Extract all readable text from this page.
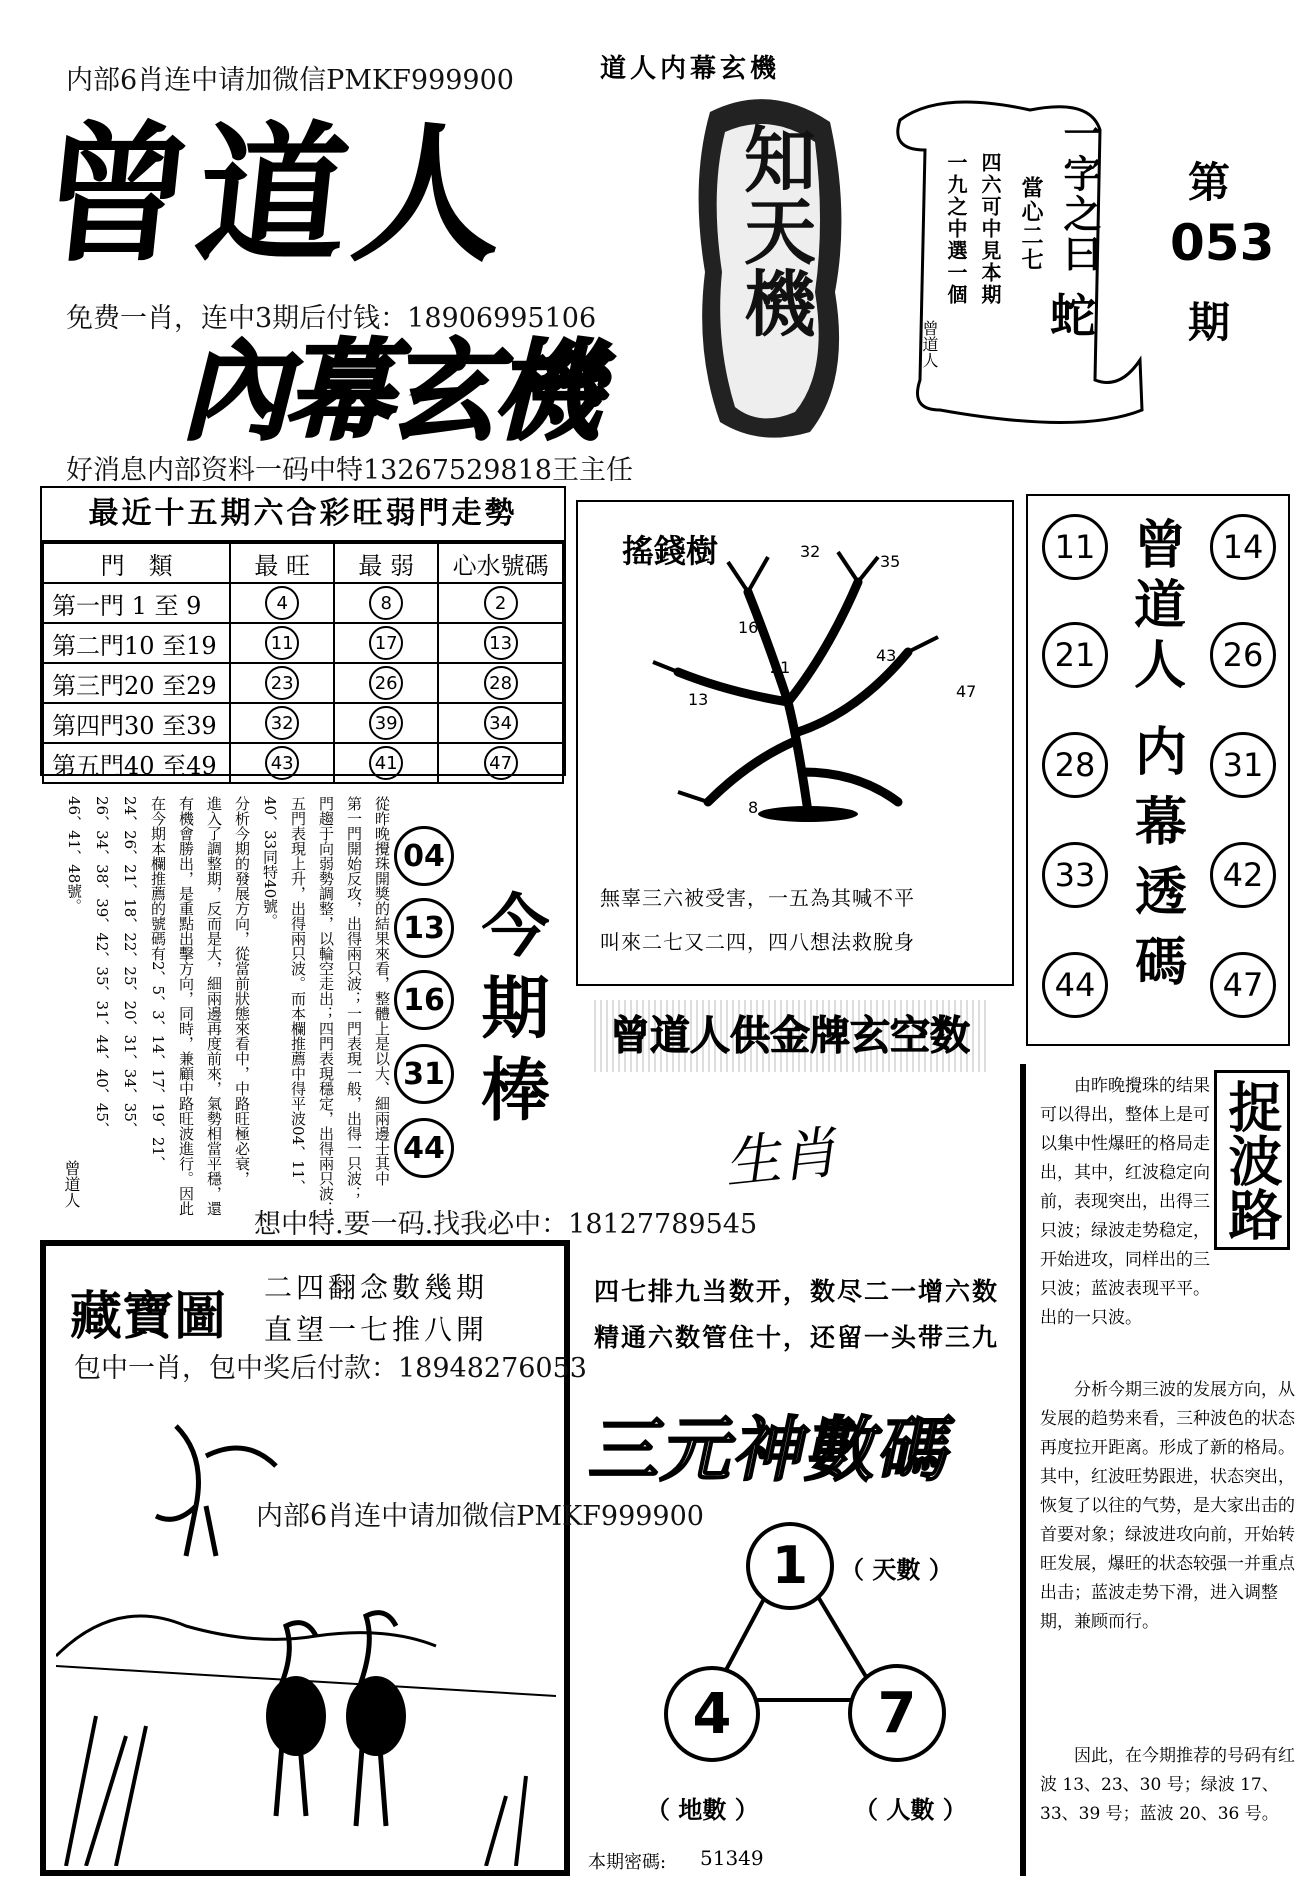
内部6肖连中请加微信PMKF999900	道人内幕玄機
曾道人
免费一肖，连中3期后付钱：18906995106
內幕玄機
知天機	一字之曰
當心二七
蛇
四六可中見本期
一九之中選一個
曾道人
第
053
期
好消息内部资料一码中特13267529818王主任
最近十五期六合彩旺弱門走勢
門　類	最 旺	最 弱	心水號碼
第一門 1 至 9	4	8	2
第二門10 至19	11	17	13
第三門20 至29	23	26	28
第四門30 至39	32	39	34
第五門40 至49	43	41	47
從昨晚攪珠開獎的結果來看，整體上是以大、細兩邊士其中
第一門開始反攻，出得兩只波；一門表現一般，出得一只波；
門趨于向弱勢調整，以輪空走出；四門表現穩定，出得兩只波；
五門表現上升，出得兩只波。而本欄推薦中得平波04、11、
40、33同特40號。
分析今期的發展方向，從當前狀態來看中，中路旺極必衰，
進入了調整期，反而是大，細兩邊再度前來，氣勢相當平穩，還
有機會勝出，是重點出擊方向，同時，兼顧中路旺波進行。因此
在今期本欄推薦的號碼有2、5、3、14、17、19、21、
24、26、21、18、22、25、20、31、34、35、
26、34、38、39、42、35、31、44、40、45、
46、41、48號。
曾道人
04
13
16
31
44
今期棒
搖錢樹	32
35
16
21
43
47
13
8
無辜三六被受害，一五為其喊不平
叫來二七又二四，四八想法救脫身
曾道人供金牌玄空数
生肖
想中特.要一码.找我必中：18127789545
曾
道
人
内
幕
透
碼
11
21
28
33
44
14
26
31
42
47
捉波路
由昨晚攪珠的结果可以得出，整体上是可以集中性爆旺的格局走出，其中，红波稳定向前，表现突出，出得三只波；绿波走势稳定，开始进攻，同样出的三只波；蓝波表现平平。出的一只波。
分析今期三波的发展方向，从发展的趋势来看，三种波色的状态再度拉开距离。形成了新的格局。其中，红波旺势跟进，状态突出，恢复了以往的气势，是大家出击的首要对象；绿波进攻向前，开始转旺发展，爆旺的状态较强一并重点出击；蓝波走势下滑，进入调整期，兼顾而行。
因此，在今期推荐的号码有红波 13、23、30 号；绿波 17、33、39 号；蓝波 20、36 号。
藏寶圖 二四翻念數幾期
直望一七推八開
包中一肖，包中奖后付款：18948276053
内部6肖连中请加微信PMKF999900
四七排九当数开，数尽二一增六数
精通六数管住十，还留一头带三九
三元神數碼
1	（ 天數 ）
4
（ 地數 ）
7
（ 人數 ）
本期密碼: 51349
